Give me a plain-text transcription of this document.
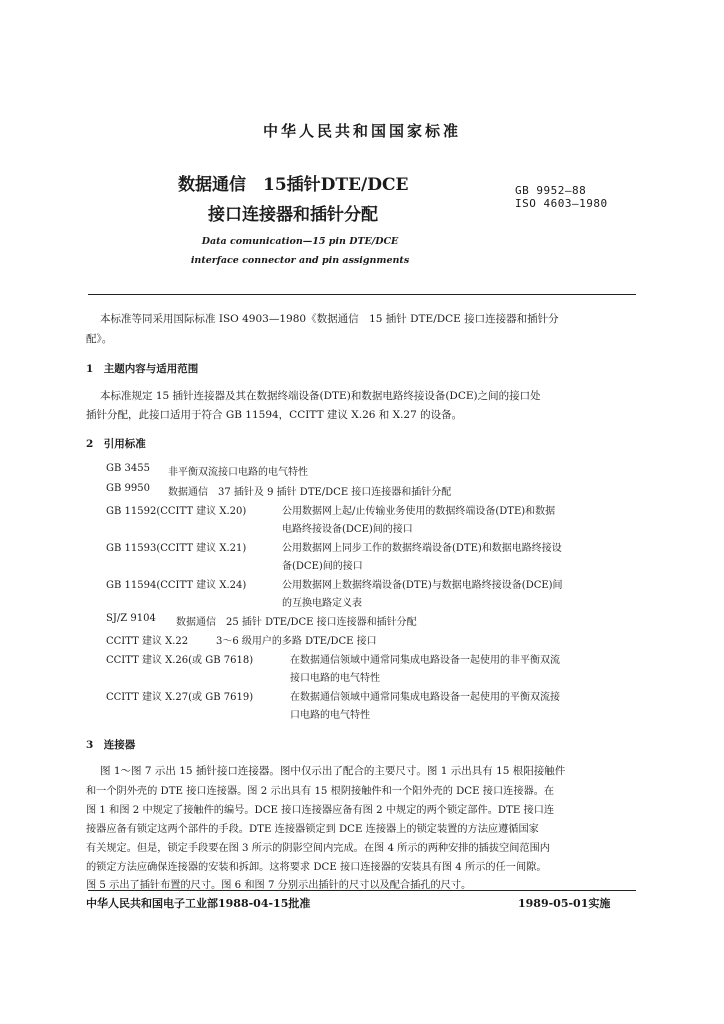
中华人民共和国国家标准
数据通信　15插针DTE/DCE
接口连接器和插针分配
GB 9952—88
ISO 4603—1980
Data comunication—15 pin DTE/DCE
interface connector and pin assignments
本标准等同采用国际标准 ISO 4903—1980《数据通信　15 插针 DTE/DCE 接口连接器和插针分
配》。
1　主题内容与适用范围
本标准规定 15 插针连接器及其在数据终端设备(DTE)和数据电路终接设备(DCE)之间的接口处
插针分配，此接口适用于符合 GB 11594，CCITT 建议 X.26 和 X.27 的设备。
2　引用标准
GB 3455 非平衡双流接口电路的电气特性
GB 9950 数据通信　37 插针及 9 插针 DTE/DCE 接口连接器和插针分配
GB 11592(CCITT 建议 X.20)	公用数据网上起/止传输业务使用的数据终端设备(DTE)和数据
电路终接设备(DCE)间的接口
GB 11593(CCITT 建议 X.21)	公用数据网上同步工作的数据终端设备(DTE)和数据电路终接设
备(DCE)间的接口
GB 11594(CCITT 建议 X.24)	公用数据网上数据终端设备(DTE)与数据电路终接设备(DCE)间
的互换电路定义表
SJ/Z 9104 数据通信　25 插针 DTE/DCE 接口连接器和插针分配
CCITT 建议 X.22	3～6 级用户的多路 DTE/DCE 接口
CCITT 建议 X.26(或 GB 7618)	在数据通信领域中通常同集成电路设备一起使用的非平衡双流
接口电路的电气特性
CCITT 建议 X.27(或 GB 7619)	在数据通信领域中通常同集成电路设备一起使用的平衡双流接
口电路的电气特性
3　连接器
图 1～图 7 示出 15 插针接口连接器。图中仅示出了配合的主要尺寸。图 1 示出具有 15 根阳接触件
和一个阴外壳的 DTE 接口连接器。图 2 示出具有 15 根阴接触件和一个阳外壳的 DCE 接口连接器。在
图 1 和图 2 中规定了接触件的编号。DCE 接口连接器应备有图 2 中规定的两个锁定部件。DTE 接口连
接器应备有锁定这两个部件的手段。DTE 连接器锁定到 DCE 连接器上的锁定装置的方法应遵循国家
有关规定。但是，锁定手段要在图 3 所示的阴影空间内完成。在图 4 所示的两种安排的插拔空间范围内
的锁定方法应确保连接器的安装和拆卸。这将要求 DCE 接口连接器的安装具有图 4 所示的任一间隙。
图 5 示出了插针布置的尺寸。图 6 和图 7 分别示出插针的尺寸以及配合插孔的尺寸。
中华人民共和国电子工业部1988-04-15批准	1989-05-01实施
